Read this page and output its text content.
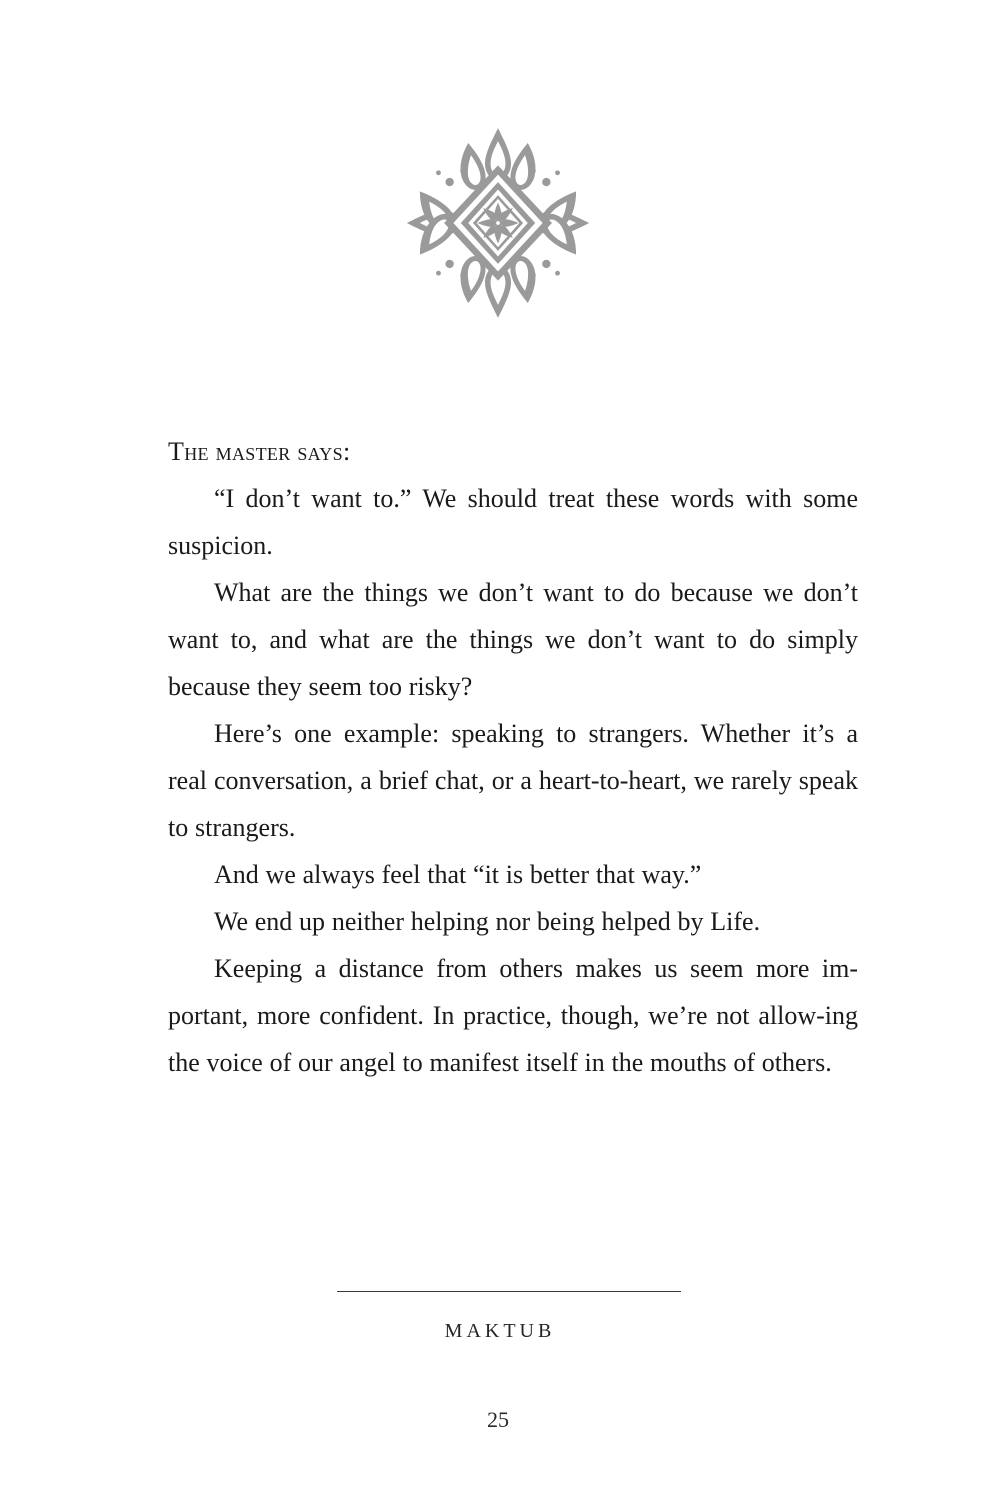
The master says:

“I don’t want to.” We should treat these words with some suspicion.

What are the things we don’t want to do because we don’t want to, and what are the things we don’t want to do simply because they seem too risky?

Here’s one example: speaking to strangers. Whether it’s a real conversation, a brief chat, or a heart-to-heart, we rarely speak to strangers.

And we always feel that “it is better that way.”

We end up neither helping nor being helped by Life.

Keeping a distance from others makes us seem more im-portant, more confident. In practice, though, we’re not allow-ing the voice of our angel to manifest itself in the mouths of others.

MAKTUB
25
